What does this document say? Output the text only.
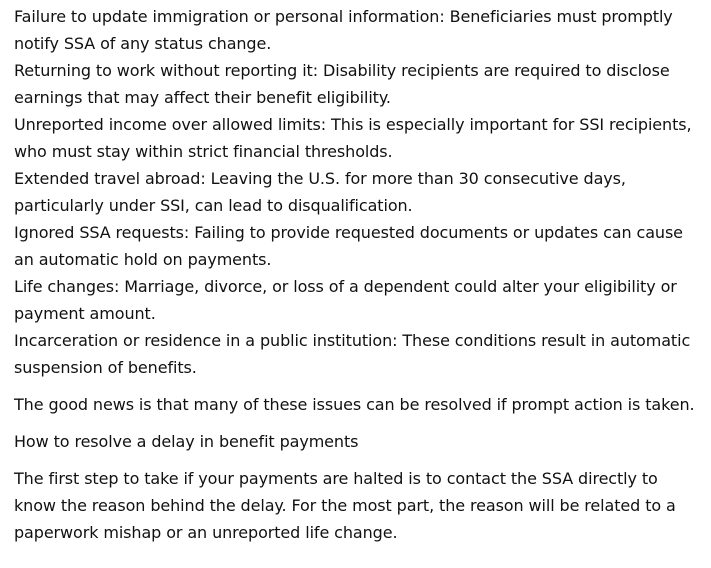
Failure to update immigration or personal information: Beneficiaries must promptly notify SSA of any status change.

Returning to work without reporting it: Disability recipients are required to disclose earnings that may affect their benefit eligibility.

Unreported income over allowed limits: This is especially important for SSI recipients, who must stay within strict financial thresholds.

Extended travel abroad: Leaving the U.S. for more than 30 consecutive days, particularly under SSI, can lead to disqualification.

Ignored SSA requests: Failing to provide requested documents or updates can cause an automatic hold on payments.

Life changes: Marriage, divorce, or loss of a dependent could alter your eligibility or payment amount.

Incarceration or residence in a public institution: These conditions result in automatic suspension of benefits.

The good news is that many of these issues can be resolved if prompt action is taken.

How to resolve a delay in benefit payments

The first step to take if your payments are halted is to contact the SSA directly to know the reason behind the delay. For the most part, the reason will be related to a paperwork mishap or an unreported life change.
